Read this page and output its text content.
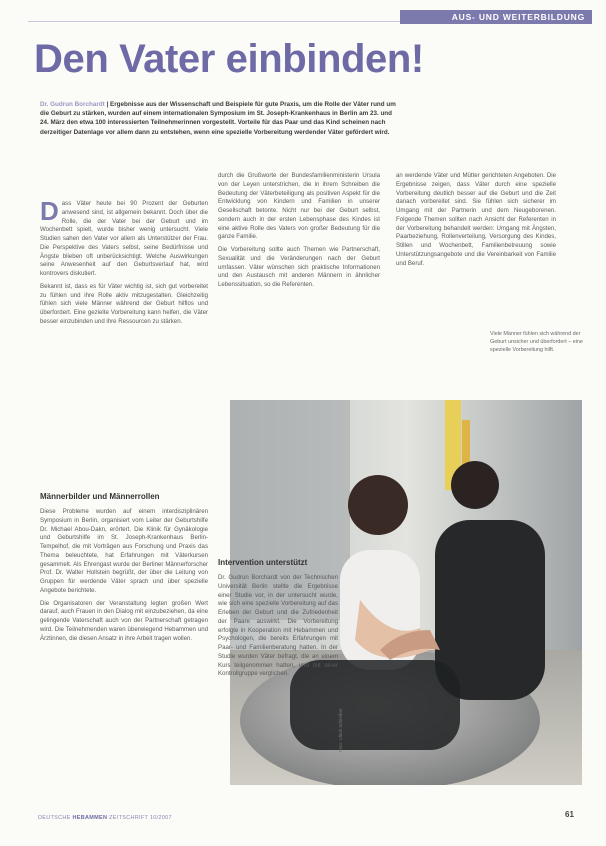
AUS- UND WEITERBILDUNG
Den Vater einbinden!
Dr. Gudrun Borchardt | Ergebnisse aus der Wissenschaft und Beispiele für gute Praxis, um die Rolle der Väter rund um die Geburt zu stärken, wurden auf einem internationalen Symposium im St. Joseph-Krankenhaus in Berlin am 23. und 24. März den etwa 100 interessierten Teilnehmerinnen vorgestellt. Vorteile für das Paar und das Kind scheinen nach derzeitiger Datenlage vor allem dann zu entstehen, wenn eine spezielle Vorbereitung werdender Väter gefördert wird.
D ass Väter heute bei 90 Prozent der Geburten anwesend sind, ist allgemein bekannt. Doch über die Rolle, die der Vater bei der Geburt und im Wochenbett spielt, wurde bisher wenig untersucht. Viele Studien sahen den Vater vor allem als Unterstützer der Frau. Die Perspektive des Vaters selbst, seine Bedürfnisse und Ängste blieben oft unberücksichtigt. Welche Auswirkungen seine Anwesenheit auf den Geburtsverlauf hat, wird kontrovers diskutiert.

Bekannt ist, dass es für Väter wichtig ist, sich gut vorbereitet zu fühlen und ihre Rolle aktiv mitzugestalten. Gleichzeitig fühlen sich viele Männer während der Geburt hilflos und überfordert. Eine gezielte Vorbereitung kann helfen, die Väter besser einzubinden und ihre Ressourcen zu stärken.

Männerbilder und Männerrollen

Diese Probleme wurden auf einem interdisziplinären Symposium in Berlin, organisiert vom Leiter der Geburtshilfe Dr. Michael Abou-Dakn, erörtert. Die Klinik für Gynäkologie und Geburtshilfe im St. Joseph-Krankenhaus Berlin-Tempelhof, die mit Vorträgen aus Forschung und Praxis das Thema beleuchtete, hat Erfahrungen mit Väterkursen gesammelt. Als Ehrengast wurde der Berliner Männerforscher Prof. Dr. Walter Hollstein begrüßt, der über die Leitung von Gruppen für werdende Väter sprach und über spezielle Angebote berichtete.

Die Organisatoren der Veranstaltung legten großen Wert darauf, auch Frauen in den Dialog mit einzubeziehen, da eine gelingende Vaterschaft auch von der Partnerschaft getragen wird. Die Teilnehmenden waren überwiegend Hebammen und Ärztinnen, die diesen Ansatz in ihre Arbeit tragen wollen.

durch die Grußworte der Bundesfamilienministerin Ursula von der Leyen unterstrichen, die in ihrem Schreiben die Bedeutung der Väterbeteiligung als positiven Aspekt für die Entwicklung von Kindern und Familien in unserer Gesellschaft betonte. Nicht nur bei der Geburt selbst, sondern auch in der ersten Lebensphase des Kindes ist eine aktive Rolle des Vaters von großer Bedeutung für die ganze Familie.

Die Vorbereitung sollte auch Themen wie Partnerschaft, Sexualität und die Veränderungen nach der Geburt umfassen. Väter wünschen sich praktische Informationen und den Austausch mit anderen Männern in ähnlicher Lebenssituation, so die Referenten.

an werdende Väter und Mütter gerichteten Angeboten. Die Ergebnisse zeigen, dass Väter durch eine spezielle Vorbereitung deutlich besser auf die Geburt und die Zeit danach vorbereitet sind. Sie fühlen sich sicherer im Umgang mit der Partnerin und dem Neugeborenen. Folgende Themen sollten nach Ansicht der Referenten in der Vorbereitung behandelt werden: Umgang mit Ängsten, Paarbeziehung, Rollenverteilung, Versorgung des Kindes, Stillen und Wochenbett, Familienbetreuung sowie Unterstützungsangebote und die Vereinbarkeit von Familie und Beruf.

Viele Männer fühlen sich während der Geburt unsicher und überfordert – eine spezielle Vorbereitung hilft.
Foto: Ulrich Schreiber
Intervention unterstützt

Dr. Gudrun Borchardt von der Technischen Universität Berlin stellte die Ergebnisse einer Studie vor, in der untersucht wurde, wie sich eine spezielle Vorbereitung auf das Erleben der Geburt und die Zufriedenheit der Paare auswirkt. Die Vorbereitung erfolgte in Kooperation mit Hebammen und Psychologen, die bereits Erfahrungen mit Paar- und Familienberatung hatten. In der Studie wurden Väter befragt, die an einem Kurs teilgenommen hatten, und mit einer Kontrollgruppe verglichen.

DEUTSCHE HEBAMMEN ZEITSCHRIFT 10/2007	61
